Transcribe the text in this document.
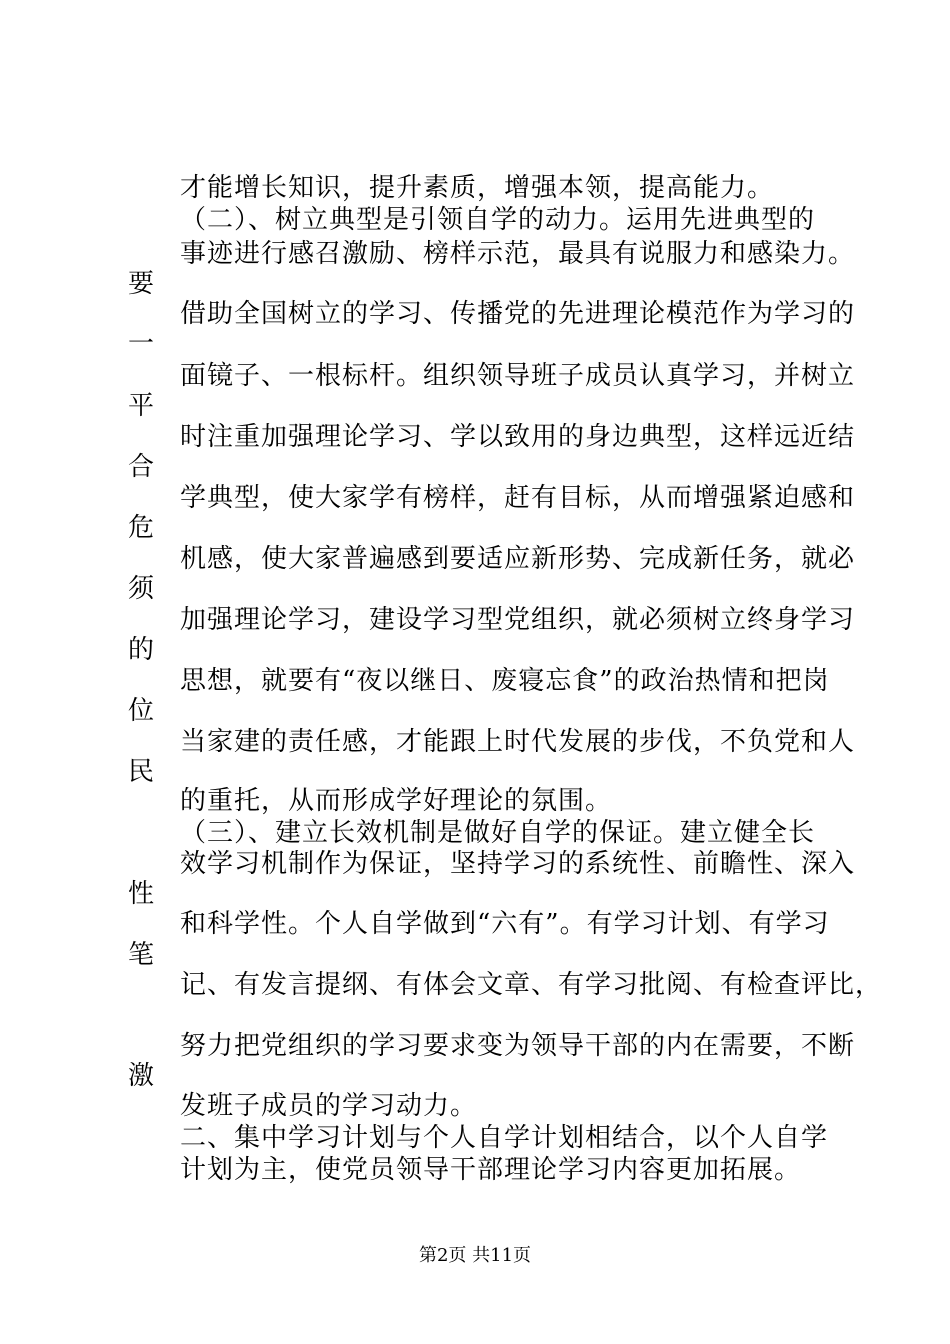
才能增长知识，提升素质，增强本领，提高能力。
（二）、树立典型是引领自学的动力。运用先进典型的
事迹进行感召激励、榜样示范，最具有说服力和感染力。
借助全国树立的学习、传播党的先进理论模范作为学习的
面镜子、一根标杆。组织领导班子成员认真学习，并树立
时注重加强理论学习、学以致用的身边典型，这样远近结
学典型，使大家学有榜样，赶有目标，从而增强紧迫感和
机感，使大家普遍感到要适应新形势、完成新任务，就必
加强理论学习，建设学习型党组织，就必须树立终身学习
思想，就要有“夜以继日、废寝忘食”的政治热情和把岗
当家建的责任感，才能跟上时代发展的步伐，不负党和人
的重托，从而形成学好理论的氛围。
（三）、建立长效机制是做好自学的保证。建立健全长
效学习机制作为保证，坚持学习的系统性、前瞻性、深入
和科学性。个人自学做到“六有”。有学习计划、有学习
记、有发言提纲、有体会文章、有学习批阅、有检查评比，
努力把党组织的学习要求变为领导干部的内在需要，不断
发班子成员的学习动力。
二、集中学习计划与个人自学计划相结合，以个人自学
计划为主，使党员领导干部理论学习内容更加拓展。
要
一
平
合
危
须
的
位
民
性
笔
激
第2页 共11页
